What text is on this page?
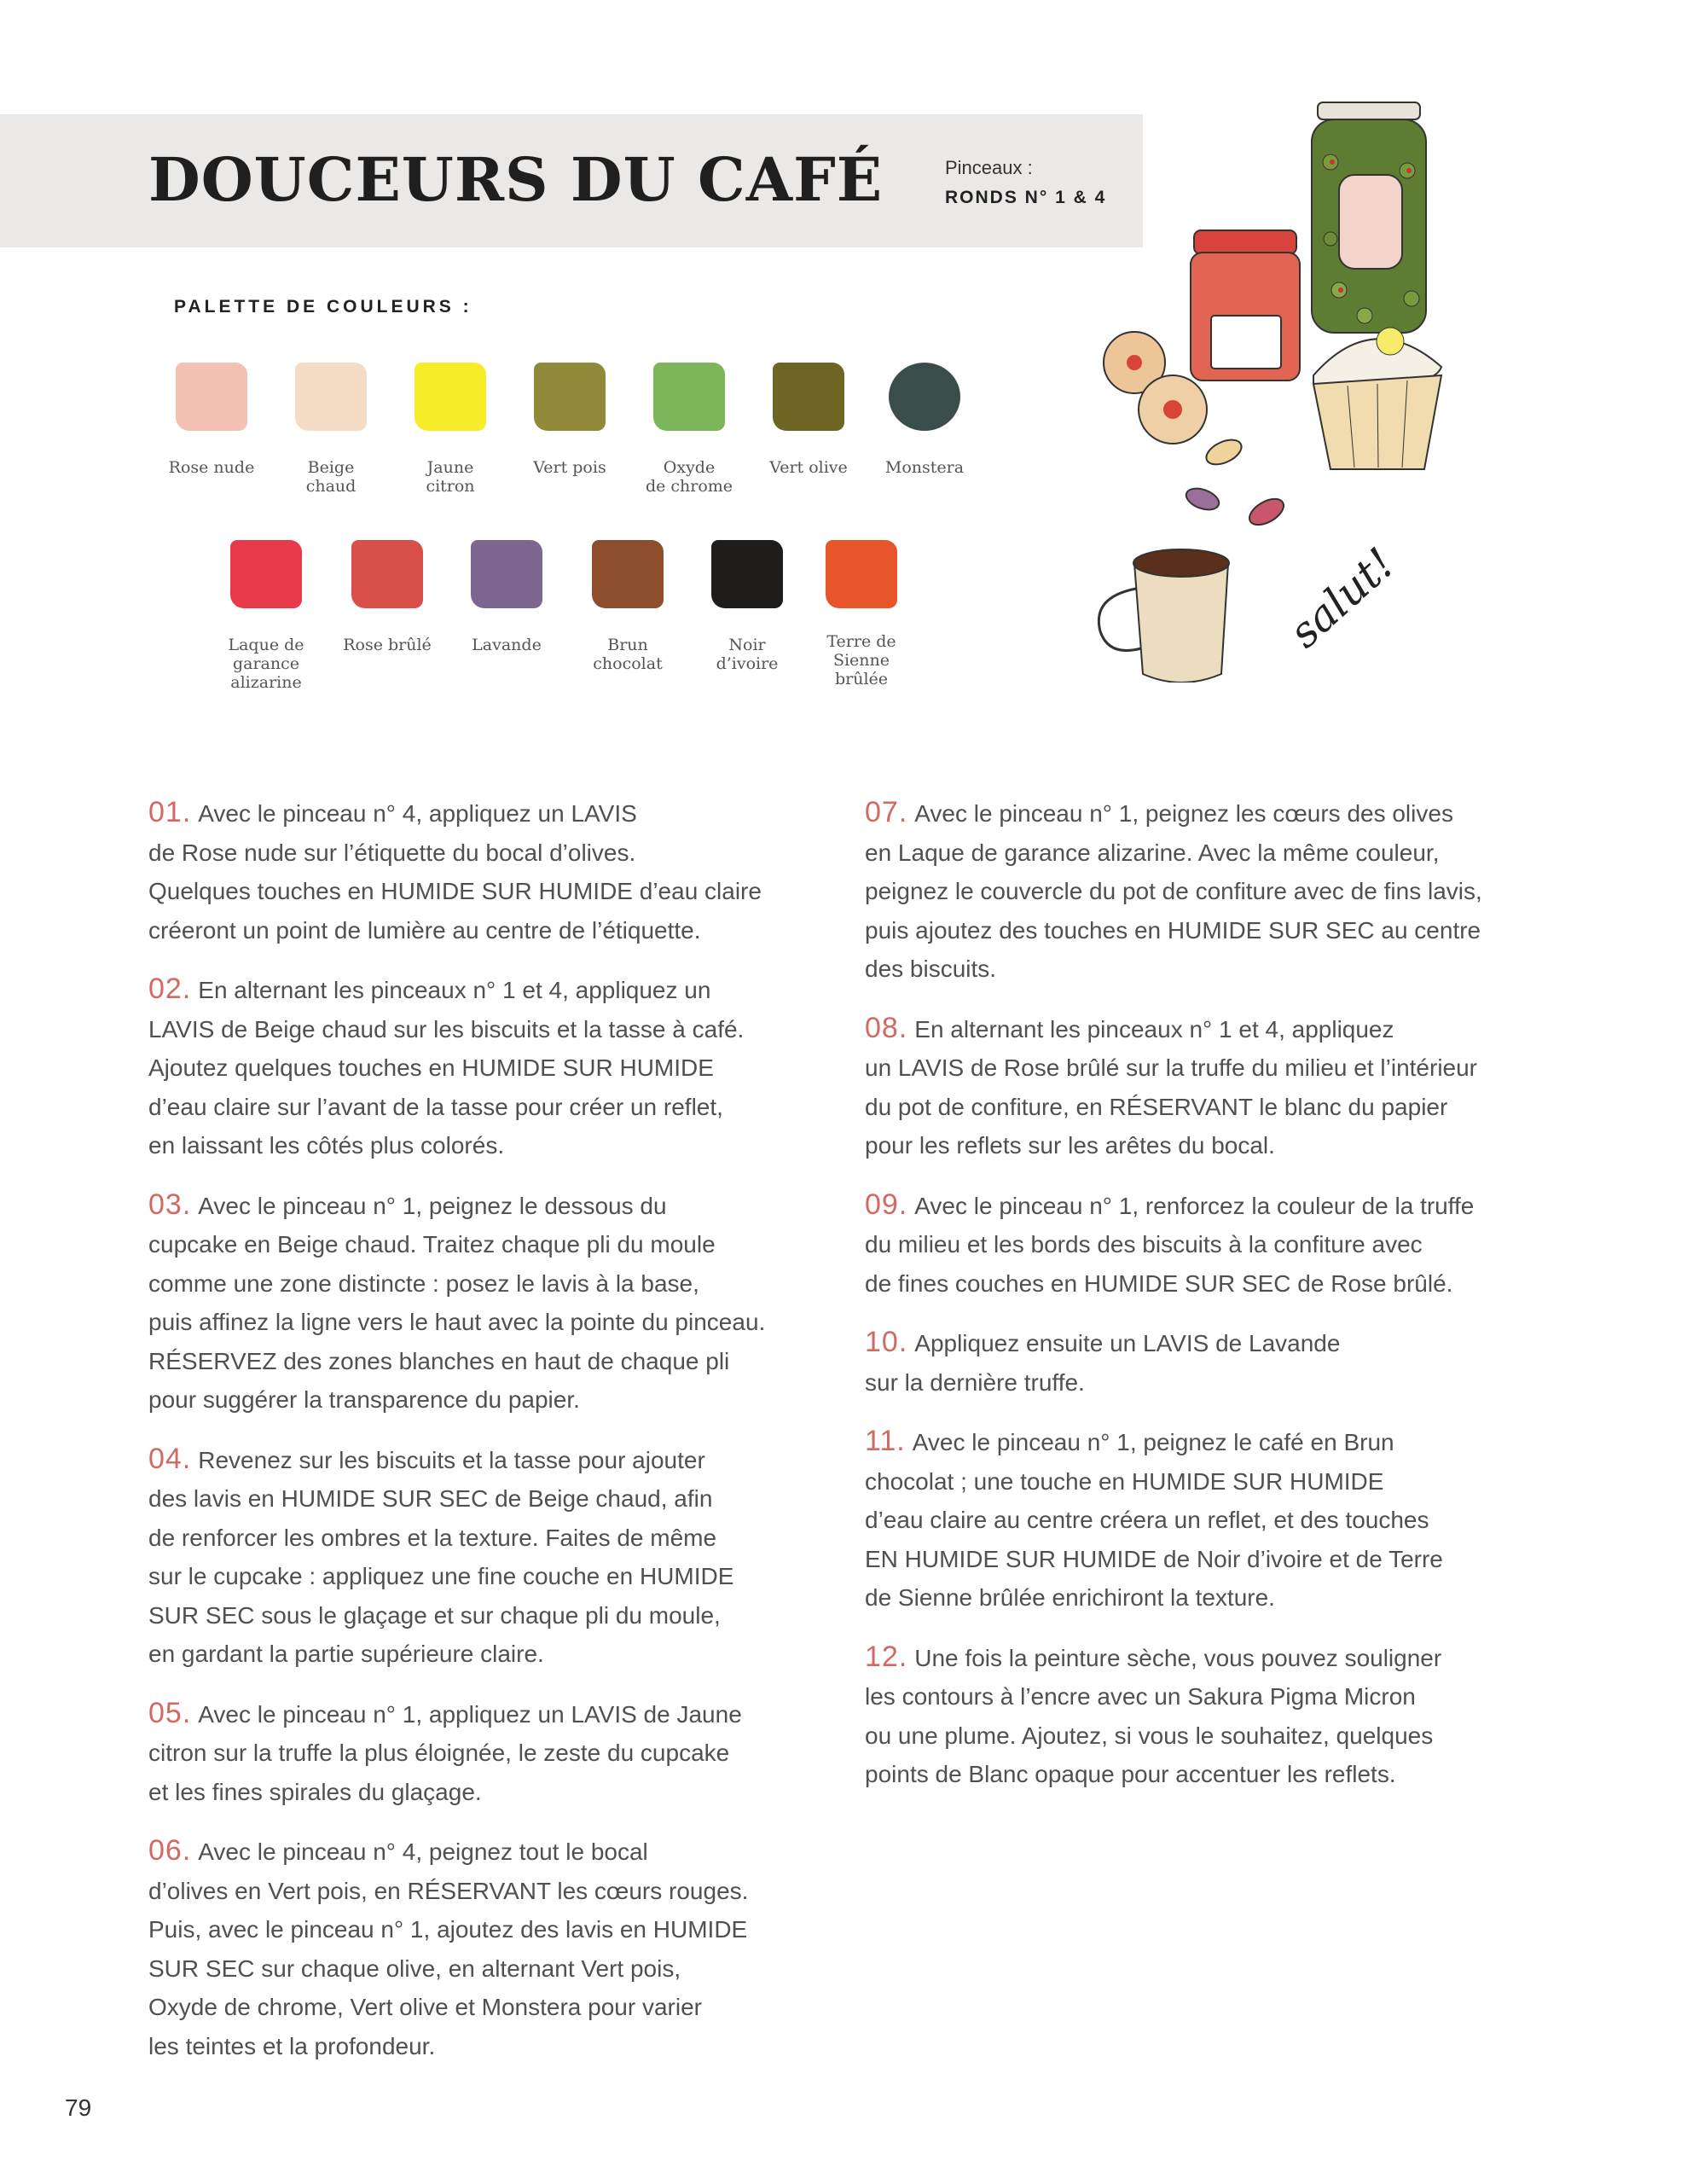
DOUCEURS DU CAFÉ	Pinceaux :
RONDS N° 1 & 4
PALETTE DE COULEURS :
Rose nude	Beige
chaud
Jaune
citron
Vert pois	Oxyde
de chrome
Vert olive	Monstera
Laque de
garance
alizarine
Rose brûlé	Lavande	Brun
chocolat
Noir
d’ivoire
Terre de
Sienne
brûlée
salut!

01. Avec le pinceau n° 4, appliquez un LAVIS
de Rose nude sur l’étiquette du bocal d’olives.
Quelques touches en HUMIDE SUR HUMIDE d’eau claire
créeront un point de lumière au centre de l’étiquette.

02. En alternant les pinceaux n° 1 et 4, appliquez un
LAVIS de Beige chaud sur les biscuits et la tasse à café.
Ajoutez quelques touches en HUMIDE SUR HUMIDE
d’eau claire sur l’avant de la tasse pour créer un reflet,
en laissant les côtés plus colorés.

03. Avec le pinceau n° 1, peignez le dessous du
cupcake en Beige chaud. Traitez chaque pli du moule
comme une zone distincte : posez le lavis à la base,
puis affinez la ligne vers le haut avec la pointe du pinceau.
RÉSERVEZ des zones blanches en haut de chaque pli
pour suggérer la transparence du papier.

04. Revenez sur les biscuits et la tasse pour ajouter
des lavis en HUMIDE SUR SEC de Beige chaud, afin
de renforcer les ombres et la texture. Faites de même
sur le cupcake : appliquez une fine couche en HUMIDE
SUR SEC sous le glaçage et sur chaque pli du moule,
en gardant la partie supérieure claire.

05. Avec le pinceau n° 1, appliquez un LAVIS de Jaune
citron sur la truffe la plus éloignée, le zeste du cupcake
et les fines spirales du glaçage.

06. Avec le pinceau n° 4, peignez tout le bocal
d’olives en Vert pois, en RÉSERVANT les cœurs rouges.
Puis, avec le pinceau n° 1, ajoutez des lavis en HUMIDE
SUR SEC sur chaque olive, en alternant Vert pois,
Oxyde de chrome, Vert olive et Monstera pour varier
les teintes et la profondeur.

07. Avec le pinceau n° 1, peignez les cœurs des olives
en Laque de garance alizarine. Avec la même couleur,
peignez le couvercle du pot de confiture avec de fins lavis,
puis ajoutez des touches en HUMIDE SUR SEC au centre
des biscuits.

08. En alternant les pinceaux n° 1 et 4, appliquez
un LAVIS de Rose brûlé sur la truffe du milieu et l’intérieur
du pot de confiture, en RÉSERVANT le blanc du papier
pour les reflets sur les arêtes du bocal.

09. Avec le pinceau n° 1, renforcez la couleur de la truffe
du milieu et les bords des biscuits à la confiture avec
de fines couches en HUMIDE SUR SEC de Rose brûlé.

10. Appliquez ensuite un LAVIS de Lavande
sur la dernière truffe.

11. Avec le pinceau n° 1, peignez le café en Brun
chocolat ; une touche en HUMIDE SUR HUMIDE
d’eau claire au centre créera un reflet, et des touches
EN HUMIDE SUR HUMIDE de Noir d’ivoire et de Terre
de Sienne brûlée enrichiront la texture.

12. Une fois la peinture sèche, vous pouvez souligner
les contours à l’encre avec un Sakura Pigma Micron
ou une plume. Ajoutez, si vous le souhaitez, quelques
points de Blanc opaque pour accentuer les reflets.

79
